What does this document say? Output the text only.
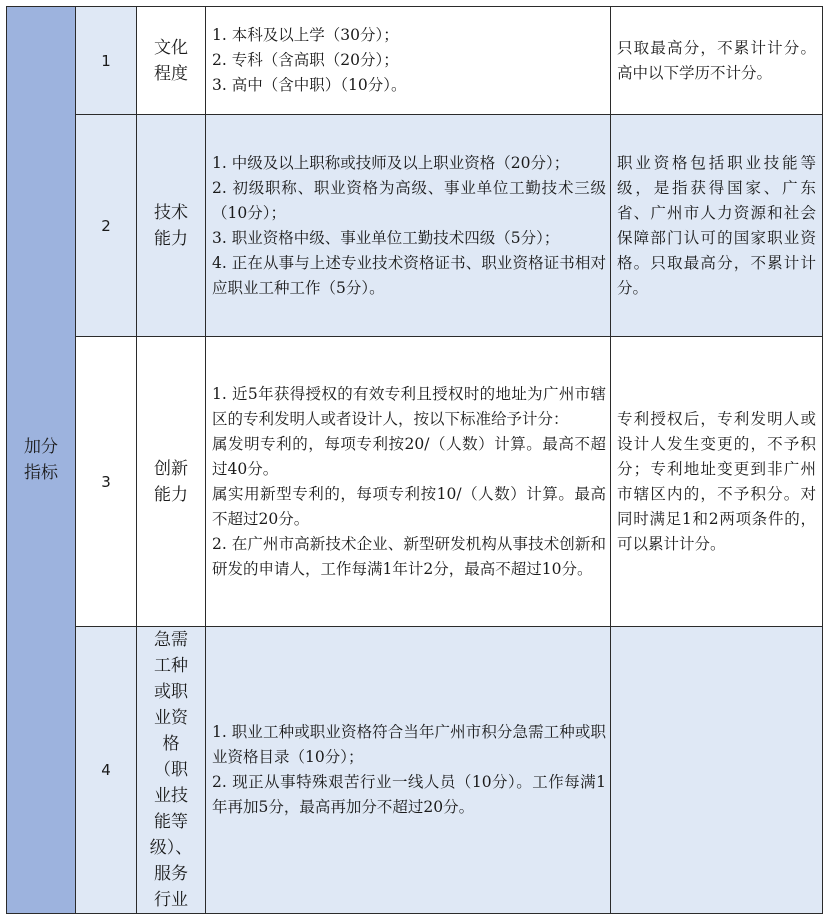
加分指标	1	文化程度	1. 本科及以上学（30分）；
2. 专科（含高职（20分）；
3. 高中（含中职）（10分）。	只取最高分，不累计计分。高中以下学历不计分。
	2	技术能力	1. 中级及以上职称或技师及以上职业资格（20分）；
2. 初级职称、职业资格为高级、事业单位工勤技术三级（10分）；
3. 职业资格中级、事业单位工勤技术四级（5分）；
4. 正在从事与上述专业技术资格证书、职业资格证书相对应职业工种工作（5分）。	职业资格包括职业技能等级，是指获得国家、广东省、广州市人力资源和社会保障部门认可的国家职业资格。只取最高分，不累计计分。
	3	创新能力	1. 近5年获得授权的有效专利且授权时的地址为广州市辖区的专利发明人或者设计人，按以下标准给予计分：
属发明专利的，每项专利按20/（人数）计算。最高不超过40分。
属实用新型专利的，每项专利按10/（人数）计算。最高不超过20分。
2. 在广州市高新技术企业、新型研发机构从事技术创新和研发的申请人，工作每满1年计2分，最高不超过10分。	专利授权后，专利发明人或设计人发生变更的，不予积分；专利地址变更到非广州市辖区内的，不予积分。对同时满足1和2两项条件的，可以累计计分。
	4	急需工种或职业资格（职业技能等级）、服务行业	1. 职业工种或职业资格符合当年广州市积分急需工种或职业资格目录（10分）；
2. 现正从事特殊艰苦行业一线人员（10分）。工作每满1年再加5分，最高再加分不超过20分。	
